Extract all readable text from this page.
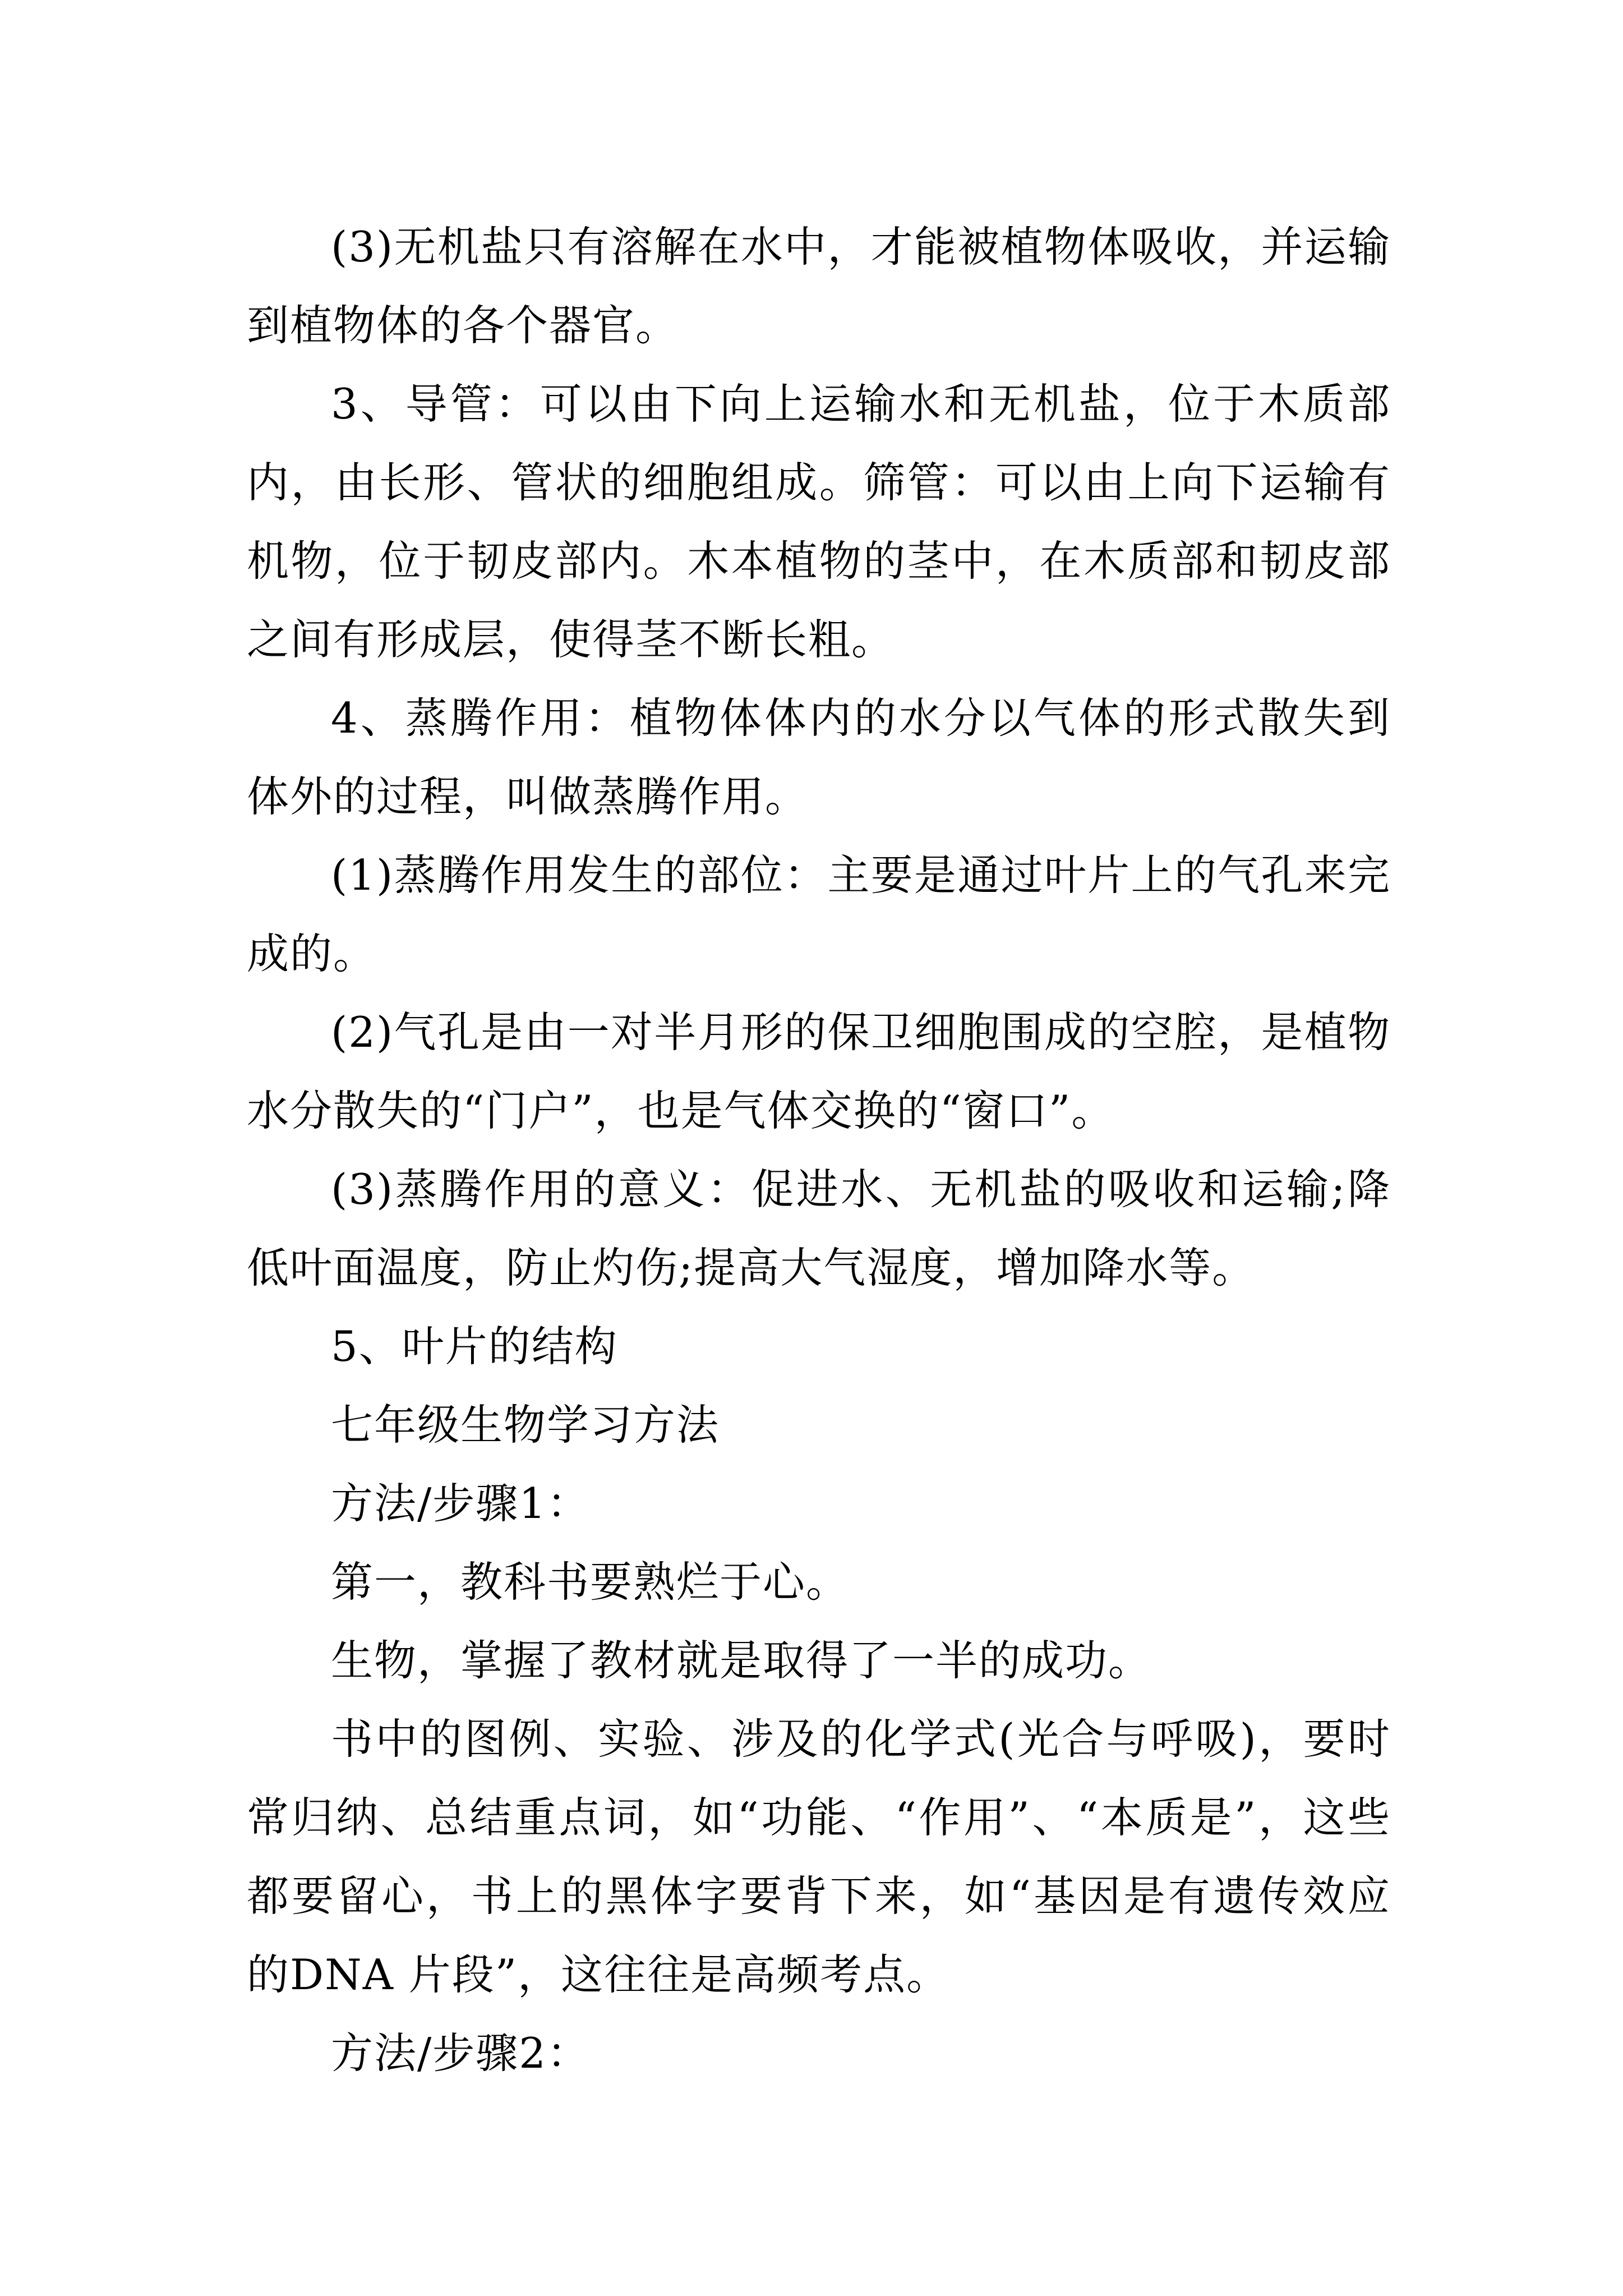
(3)无机盐只有溶解在水中，才能被植物体吸收，并运输到植物体的各个器官。

3、导管：可以由下向上运输水和无机盐，位于木质部内，由长形、管状的细胞组成。筛管：可以由上向下运输有机物，位于韧皮部内。木本植物的茎中，在木质部和韧皮部之间有形成层，使得茎不断长粗。

4、蒸腾作用：植物体体内的水分以气体的形式散失到体外的过程，叫做蒸腾作用。

(1)蒸腾作用发生的部位：主要是通过叶片上的气孔来完成的。

(2)气孔是由一对半月形的保卫细胞围成的空腔，是植物水分散失的“门户”，也是气体交换的“窗口”。

(3)蒸腾作用的意义：促进水、无机盐的吸收和运输;降低叶面温度，防止灼伤;提高大气湿度，增加降水等。

5、叶片的结构

七年级生物学习方法

方法/步骤1：

第一，教科书要熟烂于心。

生物，掌握了教材就是取得了一半的成功。

书中的图例、实验、涉及的化学式(光合与呼吸)，要时常归纳、总结重点词，如“功能、“作用”、“本质是”，这些都要留心，书上的黑体字要背下来，如“基因是有遗传效应的DNA 片段”，这往往是高频考点。

方法/步骤2：
